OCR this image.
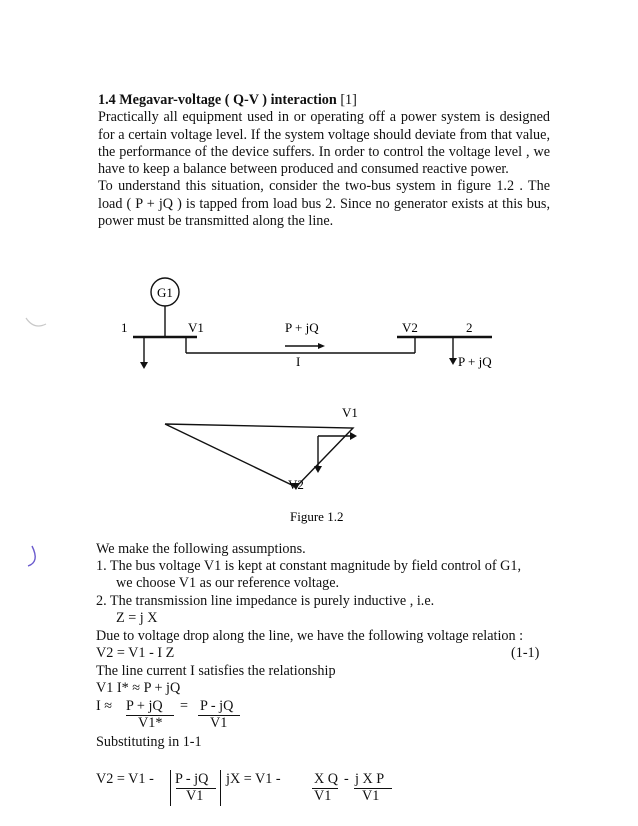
1.4 Megavar-voltage ( Q-V ) interaction [1]
Practically all equipment used in or operating off a power system is designed for a certain voltage level. If the system voltage should deviate from that value, the performance of the device suffers. In order to control the voltage level , we have to keep a balance between produced and consumed reactive power.
To understand this situation, consider the two-bus system in figure 1.2 . The load ( P + jQ ) is tapped from load bus 2. Since no generator exists at this bus, power must be transmitted along the line.

G1
1	V1	P + jQ
I
V2	2
P + jQ
V1
V2
Figure 1.2
We make the following assumptions.
1. The bus voltage V1 is kept at constant magnitude by field control of G1,
we choose V1 as our reference voltage.
2. The transmission line impedance is purely inductive , i.e.
Z = j X
Due to voltage drop along the line, we have the following voltage relation :
V2 = V1 - I Z	(1-1)
The line current I satisfies the relationship
V1 I* ≈ P + jQ
I ≈ P + jQ
V1*
= P - jQ
V1
Substituting in 1-1
V2 = V1 - P - jQ
V1
jX = V1 - X Q
V1
- j X P
V1
